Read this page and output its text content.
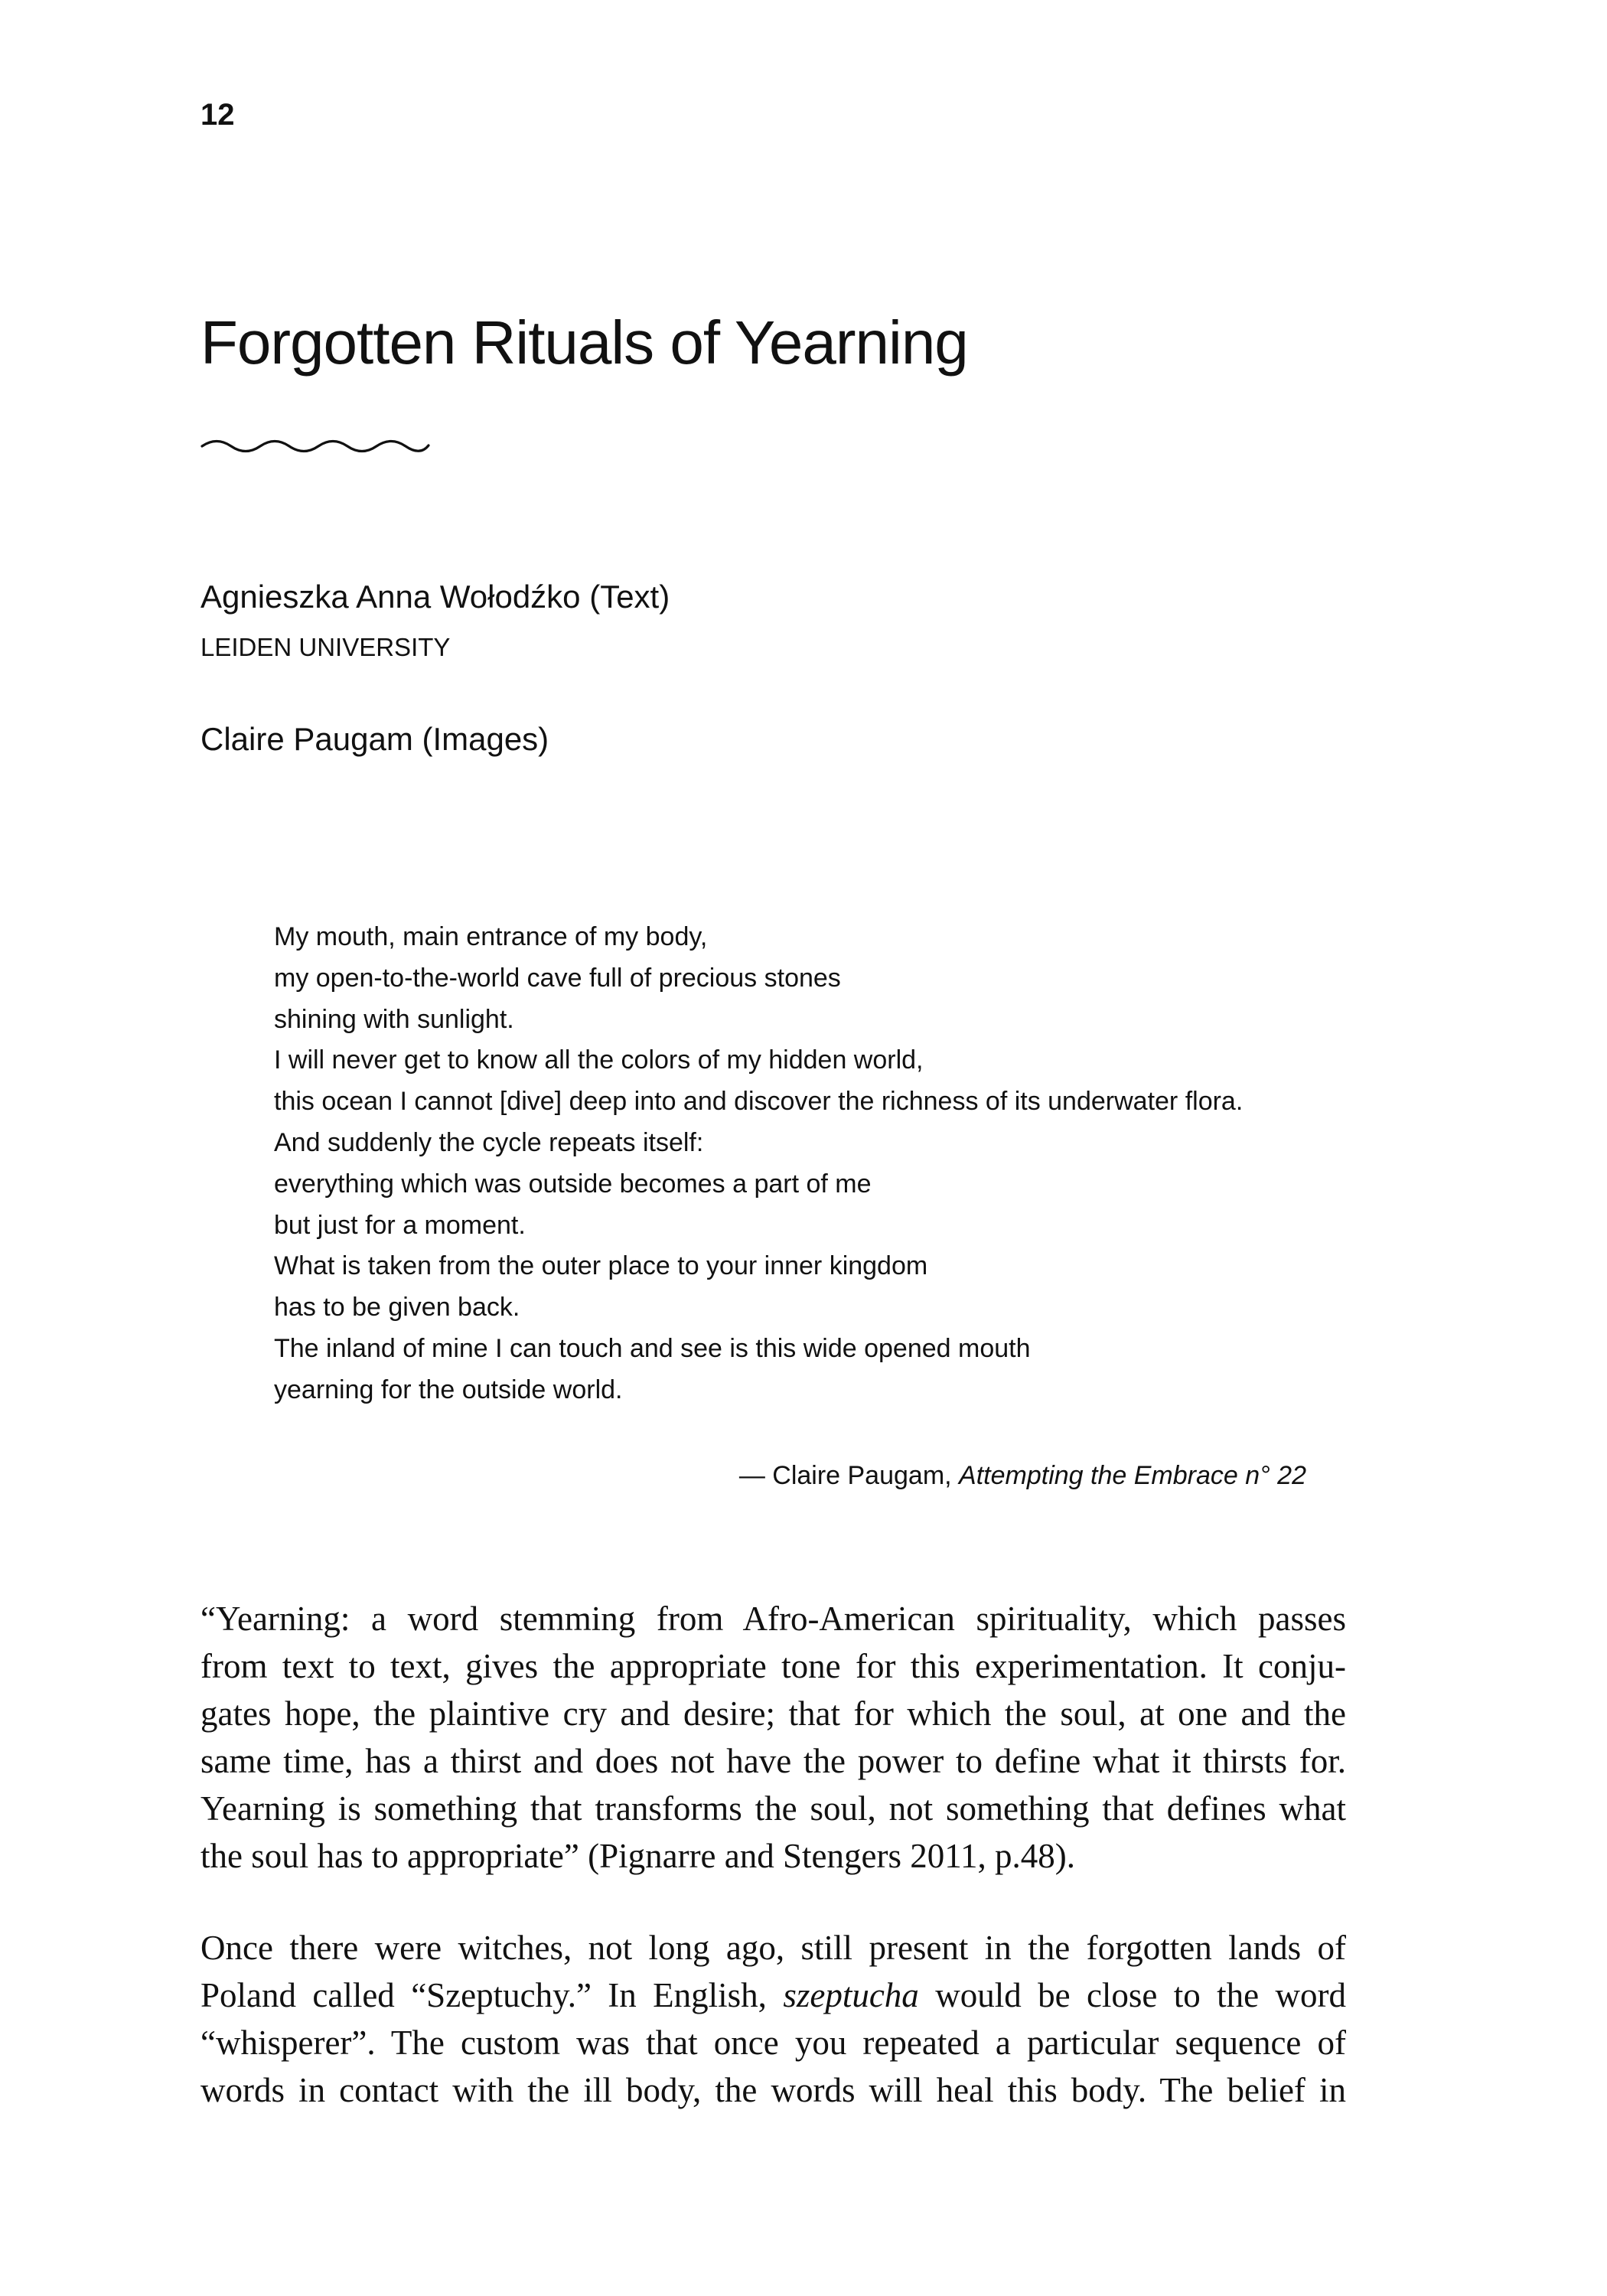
12
Forgotten Rituals of Yearning
Agnieszka Anna Wołodźko (Text)
LEIDEN UNIVERSITY
Claire Paugam (Images)
My mouth, main entrance of my body,
my open-to-the-world cave full of precious stones
shining with sunlight.
I will never get to know all the colors of my hidden world,
this ocean I cannot [dive] deep into and discover the richness of its underwater flora.
And suddenly the cycle repeats itself:
everything which was outside becomes a part of me
but just for a moment.
What is taken from the outer place to your inner kingdom
has to be given back.
The inland of mine I can touch and see is this wide opened mouth
yearning for the outside world.
— Claire Paugam, Attempting the Embrace n° 22

“Yearning: a word stemming from Afro-American spirituality, which passes
from text to text, gives the appropriate tone for this experimentation. It conju-
gates hope, the plaintive cry and desire; that for which the soul, at one and the
same time, has a thirst and does not have the power to define what it thirsts for.
Yearning is something that transforms the soul, not something that defines what
the soul has to appropriate” (Pignarre and Stengers 2011, p.48).

Once there were witches, not long ago, still present in the forgotten lands of
Poland called “Szeptuchy.” In English, szeptucha would be close to the word
“whisperer”. The custom was that once you repeated a particular sequence of
words in contact with the ill body, the words will heal this body. The belief in
